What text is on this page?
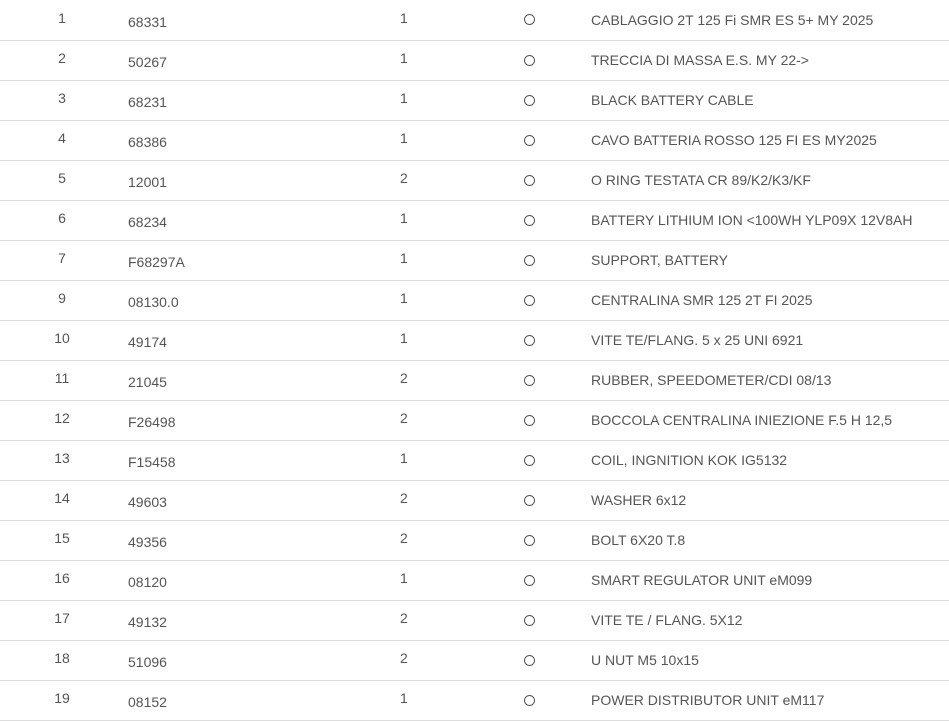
1	68331	1		CABLAGGIO 2T 125 Fi SMR ES 5+ MY 2025

2	50267	1		TRECCIA DI MASSA E.S. MY 22->

3	68231	1		BLACK BATTERY CABLE

4	68386	1		CAVO BATTERIA ROSSO 125 FI ES MY2025

5	12001	2		O RING TESTATA CR 89/K2/K3/KF

6	68234	1		BATTERY LITHIUM ION <100WH YLP09X 12V8AH

7	F68297A	1		SUPPORT, BATTERY

9	08130.0	1		CENTRALINA SMR 125 2T FI 2025

10	49174	1		VITE TE/FLANG. 5 x 25 UNI 6921

11	21045	2		RUBBER, SPEEDOMETER/CDI 08/13

12	F26498	2		BOCCOLA CENTRALINA INIEZIONE F.5 H 12,5

13	F15458	1		COIL, INGNITION KOK IG5132

14	49603	2		WASHER 6x12

15	49356	2		BOLT 6X20 T.8

16	08120	1		SMART REGULATOR UNIT eM099

17	49132	2		VITE TE / FLANG. 5X12

18	51096	2		U NUT M5 10x15

19	08152	1		POWER DISTRIBUTOR UNIT eM117
